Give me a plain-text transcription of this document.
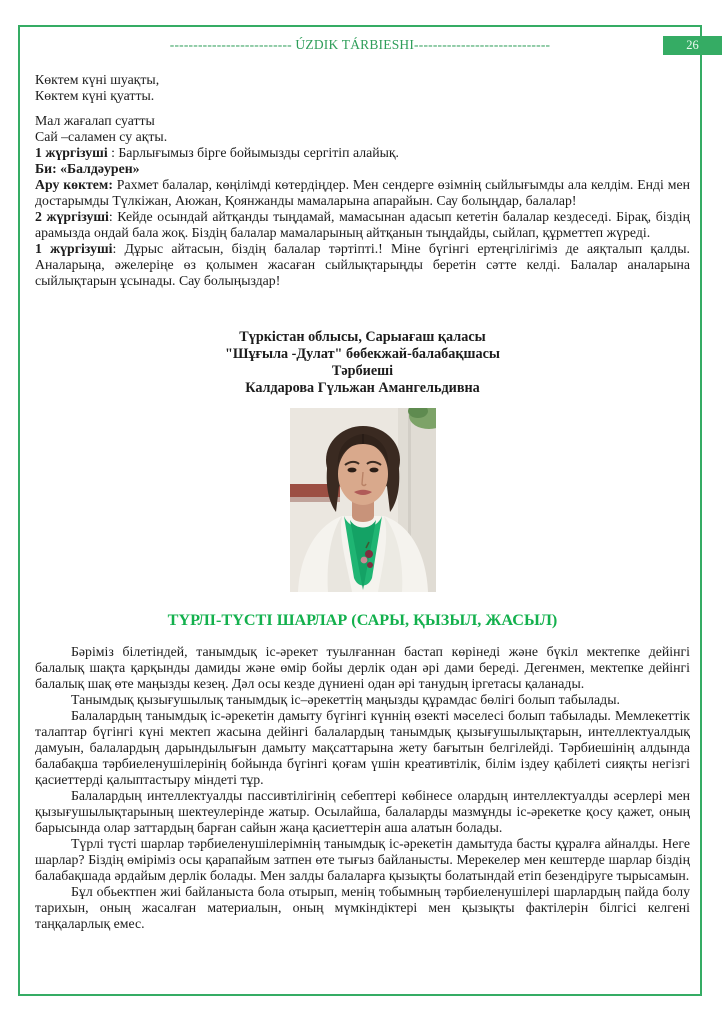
-------------------------- ÚZDIK TÁRBIESHI-----------------------------	26

Көктем күні шуақты,

Көктем күні қуатты.

Мал жағалап суатты

Сай –саламен су ақты.

1 жүргізуші : Барлығымыз бірге бойымызды сергітіп алайық.

Би: «Балдәурен»

Ару көктем: Рахмет балалар, көңілімді көтердіңдер. Мен сендерге өзімнің сыйлығымды ала келдім. Енді мен достарымды Түлкіжан, Аюжан, Қоянжанды мамаларына апарайын. Сау болыңдар, балалар!

2 жүргізуші: Кейде осындай айтқанды тыңдамай, мамасынан адасып кететін балалар кездеседі. Бірақ, біздің арамызда ондай бала жоқ. Біздің балалар мамаларының айтқанын тыңдайды, сыйлап, құрметтеп жүреді.

1 жүргізуші: Дұрыс айтасын, біздің балалар тәртіпті.! Міне бүгінгі ертеңгілігіміз де аяқталып қалды. Аналарыңа, әжелеріңе өз қолымен жасаған сыйлықтарыңды беретін сәтте келді. Балалар аналарына сыйлықтарын ұсынады. Сау болыңыздар!

Түркістан облысы, Сарыағаш қаласы
"Шұғыла -Дулат" бөбекжай-балабақшасы
Тәрбиеші
Калдарова Гүльжан Амангельдивна
ТҮРЛІ-ТҮСТІ ШАРЛАР (САРЫ, ҚЫЗЫЛ, ЖАСЫЛ)

Бәріміз білетіндей, танымдық іс-әрекет туылғаннан бастап көрінеді және бүкіл мектепке дейінгі балалық шақта қарқынды дамиды және өмір бойы дерлік одан әрі дами береді. Дегенмен, мектепке дейінгі балалық шақ өте маңызды кезең. Дәл осы кезде дүниені одан әрі танудың іргетасы қаланады.

Танымдық қызығушылық танымдық іс–әрекеттің маңызды құрамдас бөлігі болып табылады.

Балалардың танымдық іс-әрекетін дамыту бүгінгі күннің өзекті мәселесі болып табылады. Мемлекеттік талаптар бүгінгі күні мектеп жасына дейінгі балалардың танымдық қызығушылықтарын, интеллектуалдық дамуын, балалардың дарындылығын дамыту мақсаттарына жету бағытын белгілейді. Тәрбиешінің алдында балабақша тәрбиеленушілерінің бойында бүгінгі қоғам үшін креативтілік, білім іздеу қабілеті сияқты негізгі қасиеттерді қалыптастыру міндеті тұр.

Балалардың интеллектуалды пассивтілігінің себептері көбінесе олардың интеллектуалды әсерлері мен қызығушылықтарының шектеулерінде жатыр. Осылайша, балаларды мазмұнды іс-әрекетке қосу қажет, оның барысында олар заттардың барған сайын жаңа қасиеттерін аша алатын болады.

Түрлі түсті шарлар тәрбиеленушілерімнің танымдық іс-әрекетін дамытуда басты құралға айналды. Неге шарлар? Біздің өміріміз осы қарапайым затпен өте тығыз байланысты. Мерекелер мен кештерде шарлар біздің балабақшада әрдайым дерлік болады. Мен залды балаларға қызықты болатындай етіп безендіруге тырысамын.

Бұл обьектпен жиі байланыста бола отырып, менің тобымның тәрбиеленушілері шарлардың пайда болу тарихын, оның жасалған материалын, оның мүмкіндіктері мен қызықты фактілерін білгісі келгені таңқаларлық емес.
